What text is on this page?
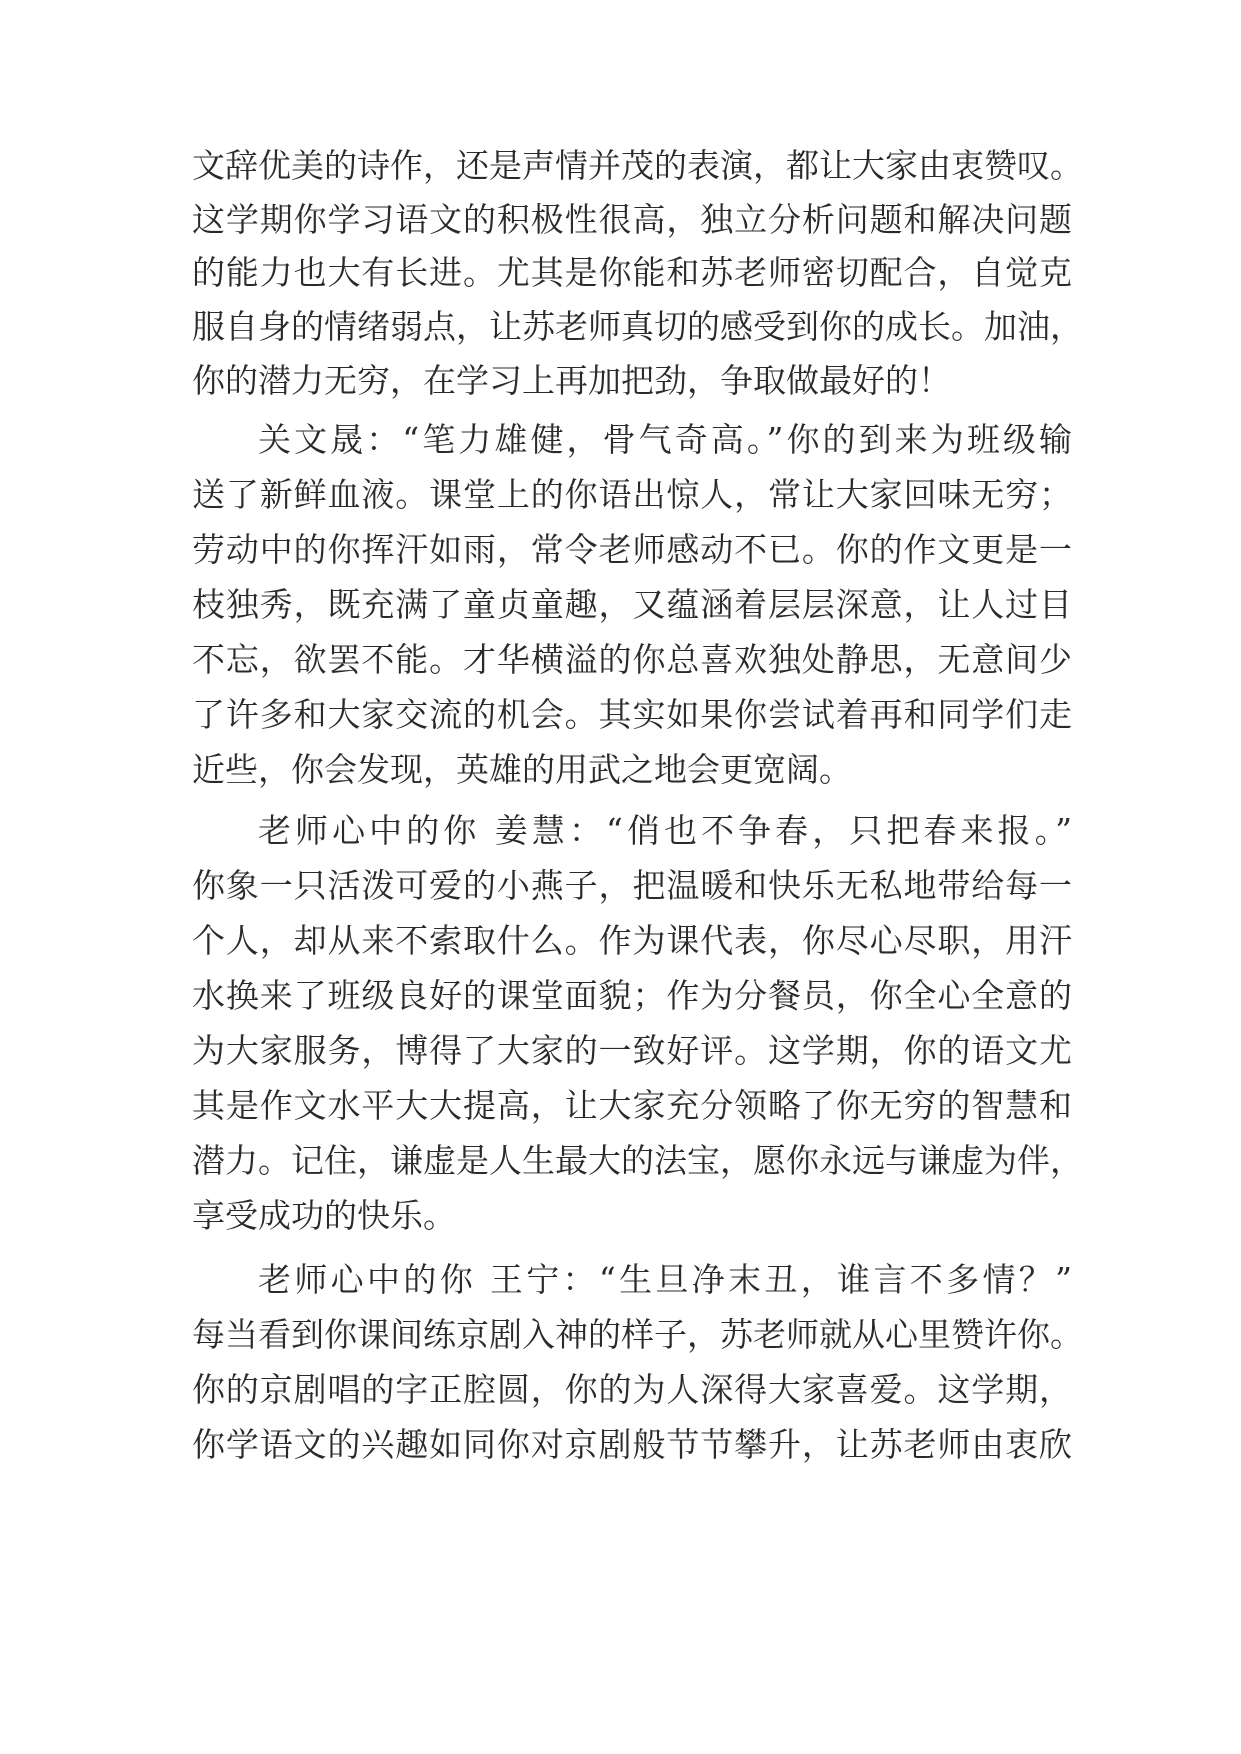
文辞优美的诗作，还是声情并茂的表演，都让大家由衷赞叹。

这学期你学习语文的积极性很高，独立分析问题和解决问题

的能力也大有长进。尤其是你能和苏老师密切配合，自觉克

服自身的情绪弱点，让苏老师真切的感受到你的成长。加油，

你的潜力无穷，在学习上再加把劲，争取做最好的！

关文晟：“笔力雄健，骨气奇高。”你的到来为班级输

送了新鲜血液。课堂上的你语出惊人，常让大家回味无穷；

劳动中的你挥汗如雨，常令老师感动不已。你的作文更是一

枝独秀，既充满了童贞童趣，又蕴涵着层层深意，让人过目

不忘，欲罢不能。才华横溢的你总喜欢独处静思，无意间少

了许多和大家交流的机会。其实如果你尝试着再和同学们走

近些，你会发现，英雄的用武之地会更宽阔。

老师心中的你 姜慧：“俏也不争春，只把春来报。”

你象一只活泼可爱的小燕子，把温暖和快乐无私地带给每一

个人，却从来不索取什么。作为课代表，你尽心尽职，用汗

水换来了班级良好的课堂面貌；作为分餐员，你全心全意的

为大家服务，博得了大家的一致好评。这学期，你的语文尤

其是作文水平大大提高，让大家充分领略了你无穷的智慧和

潜力。记住，谦虚是人生最大的法宝，愿你永远与谦虚为伴，

享受成功的快乐。

老师心中的你 王宁：“生旦净末丑，谁言不多情？”

每当看到你课间练京剧入神的样子，苏老师就从心里赞许你。

你的京剧唱的字正腔圆，你的为人深得大家喜爱。这学期，

你学语文的兴趣如同你对京剧般节节攀升，让苏老师由衷欣
